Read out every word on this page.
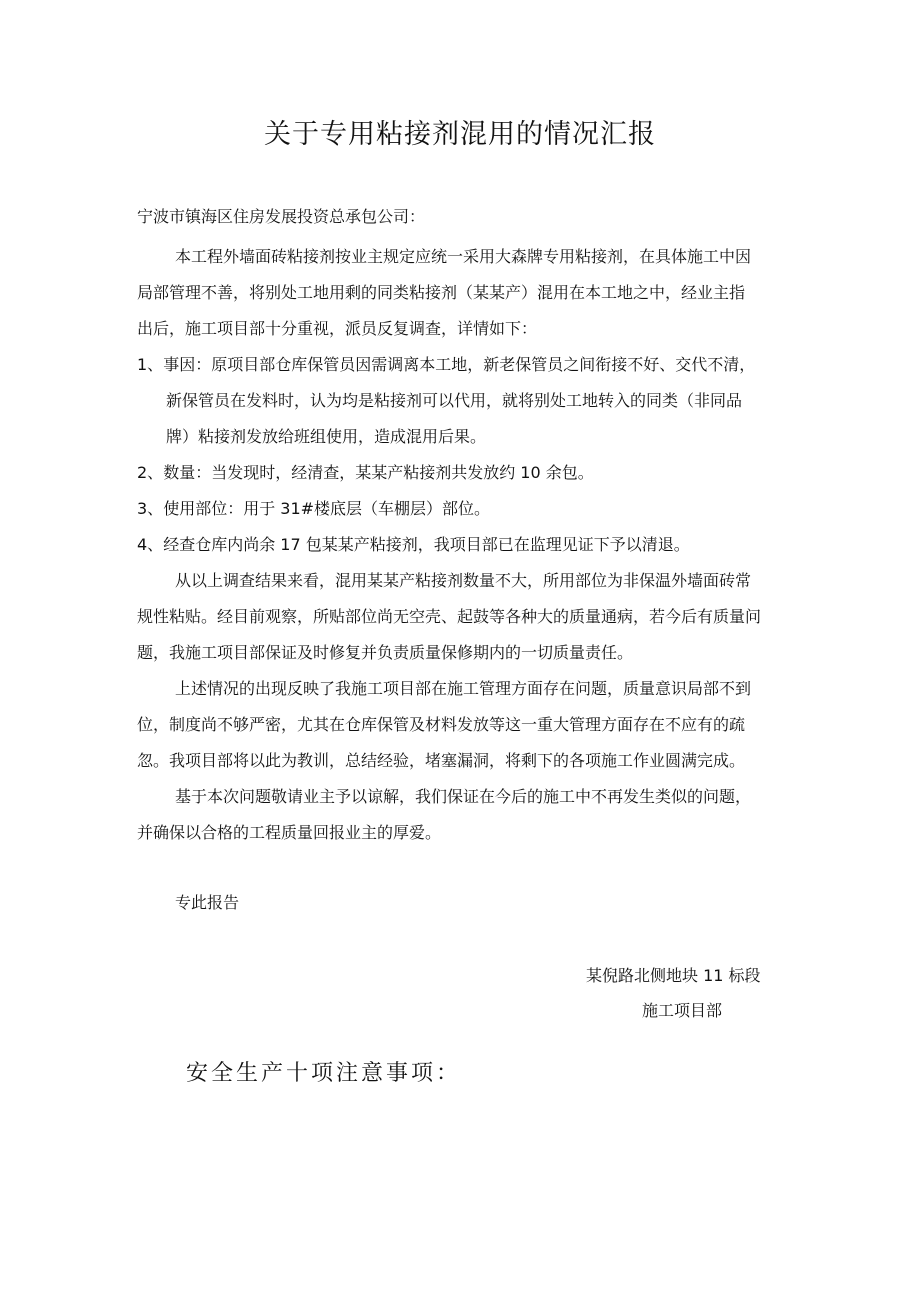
关于专用粘接剂混用的情况汇报
宁波市镇海区住房发展投资总承包公司：
本工程外墙面砖粘接剂按业主规定应统一采用大森牌专用粘接剂，在具体施工中因
局部管理不善，将别处工地用剩的同类粘接剂（某某产）混用在本工地之中，经业主指
出后，施工项目部十分重视，派员反复调查，详情如下：
1、事因：原项目部仓库保管员因需调离本工地，新老保管员之间衔接不好、交代不清，
新保管员在发料时，认为均是粘接剂可以代用，就将别处工地转入的同类（非同品
牌）粘接剂发放给班组使用，造成混用后果。
2、数量：当发现时，经清查，某某产粘接剂共发放约 10 余包。
3、使用部位：用于 31#楼底层（车棚层）部位。
4、经查仓库内尚余 17 包某某产粘接剂，我项目部已在监理见证下予以清退。
从以上调查结果来看，混用某某产粘接剂数量不大，所用部位为非保温外墙面砖常
规性粘贴。经目前观察，所贴部位尚无空壳、起鼓等各种大的质量通病，若今后有质量问
题，我施工项目部保证及时修复并负责质量保修期内的一切质量责任。
上述情况的出现反映了我施工项目部在施工管理方面存在问题，质量意识局部不到
位，制度尚不够严密，尤其在仓库保管及材料发放等这一重大管理方面存在不应有的疏
忽。我项目部将以此为教训，总结经验，堵塞漏洞，将剩下的各项施工作业圆满完成。
基于本次问题敬请业主予以谅解，我们保证在今后的施工中不再发生类似的问题，
并确保以合格的工程质量回报业主的厚爱。
专此报告
某倪路北侧地块 11 标段
施工项目部
安全生产十项注意事项：
